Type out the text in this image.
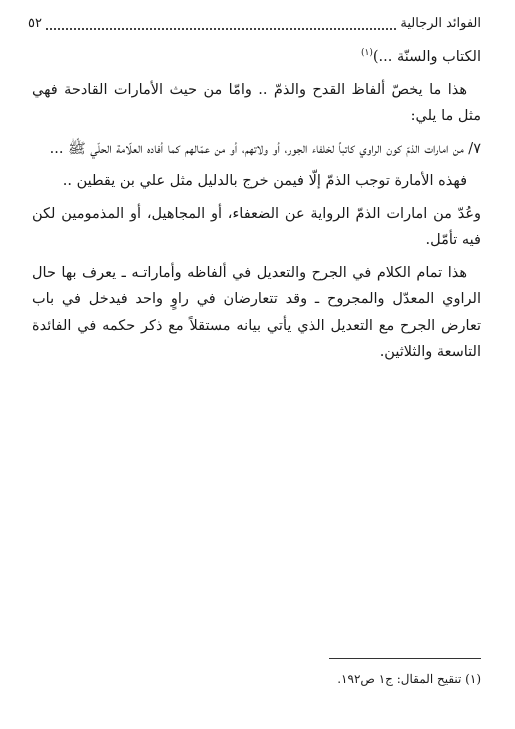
الفوائد الرجالية
٥٢

الكتاب والسنّة ...)$^{(١)}$

هذا ما يخصّ ألفاظ القدح والذمّ .. وامّا من حيث الأمارات القادحة فهي مثل ما يلي:

٧/ من امارات الذمّ كون الراوي كاتباً لخلفاء الجور، أو ولاتهم، أو من عمّالهم كما أفاده العلّامة الحلّي ﷺ ...

فهذه الأمارة توجب الذمّ إلّا فيمن خرج بالدليل مثل علي بن يقطين ..

وعُدّ من امارات الذمّ الرواية عن الضعفاء، أو المجاهيل، أو المذمومين لكن فيه تأمّل.

هذا تمام الكلام في الجرح والتعديل في ألفاظه وأماراتـه ـ يعرف بها حال الراوي المعدّل والمجروح ـ وقد تتعارضان في راوٍ واحد فيدخل في باب تعارض الجرح مع التعديل الذي يأتي بيانه مستقلاً مع ذكر حكمه في الفائدة التاسعة والثلاثين.

(١) تنقيح المقال: ج١ ص١٩٢.
